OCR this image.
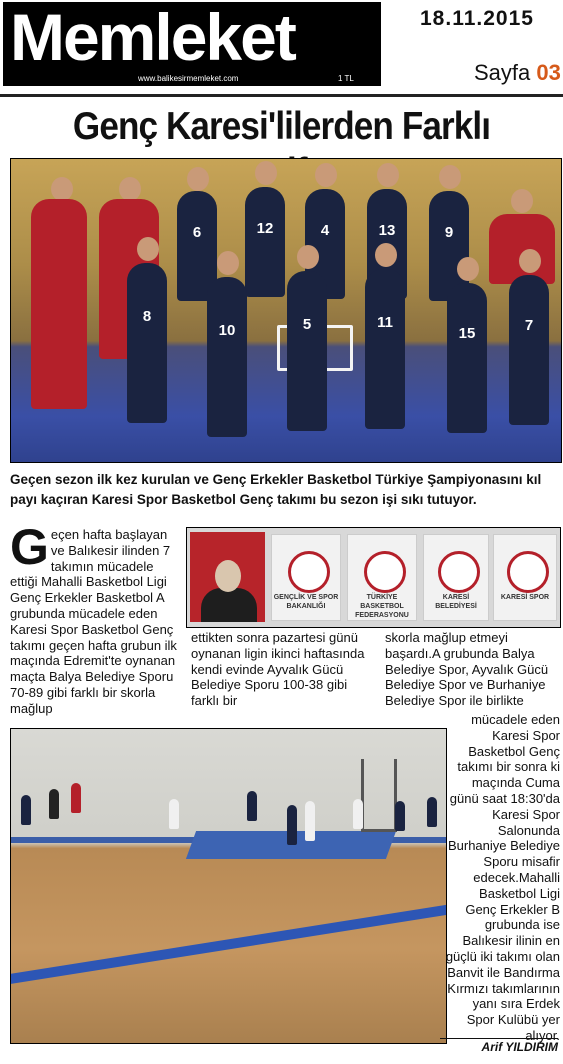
Memleket
www.balikesirmemleket.com	1 TL
18.11.2015
Sayfa 03
Genç Karesi'lilerden Farklı
6	12	4	13	9
8
10	5	11
15	7
Geçen sezon ilk kez kurulan ve Genç Erkekler Basketbol Türkiye Şampiyonasını kıl payı kaçıran Karesi Spor Basketbol Genç takımı bu sezon işi sıkı tutuyor.
Geçen hafta başlayan ve Balıkesir ilinden 7 takımın mücadele ettiği Mahalli Basketbol Ligi Genç Erkekler Basketbol A grubunda mücadele eden Karesi Spor Basketbol Genç takımı geçen hafta grubun ilk maçında Edremit'te oynanan maçta Balya Belediye Sporu 70-89 gibi farklı bir skorla mağlup
GENÇLİK VE SPOR BAKANLIĞI
TÜRKİYE BASKETBOL FEDERASYONU
KARESİ BELEDİYESİ
KARESİ SPOR
ettikten sonra pazartesi günü oynanan ligin ikinci haftasında kendi evinde Ayvalık Gücü Belediye Sporu 100-38 gibi farklı bir
skorla mağlup etmeyi başardı.A grubunda Balya Belediye Spor, Ayvalık Gücü Belediye Spor ve Burhaniye Belediye Spor ile birlikte
mücadele eden Karesi Spor Basketbol Genç takımı bir sonra ki maçında Cuma günü saat 18:30'da Karesi Spor Salonunda Burhaniye Belediye Sporu misafir edecek.Mahalli Basketbol Ligi Genç Erkekler B grubunda ise Balıkesir ilinin en güçlü iki takımı olan Banvit ile Bandırma Kırmızı takımlarının yanı sıra Erdek Spor Kulübü yer alıyor.
Arif YILDIRIM
